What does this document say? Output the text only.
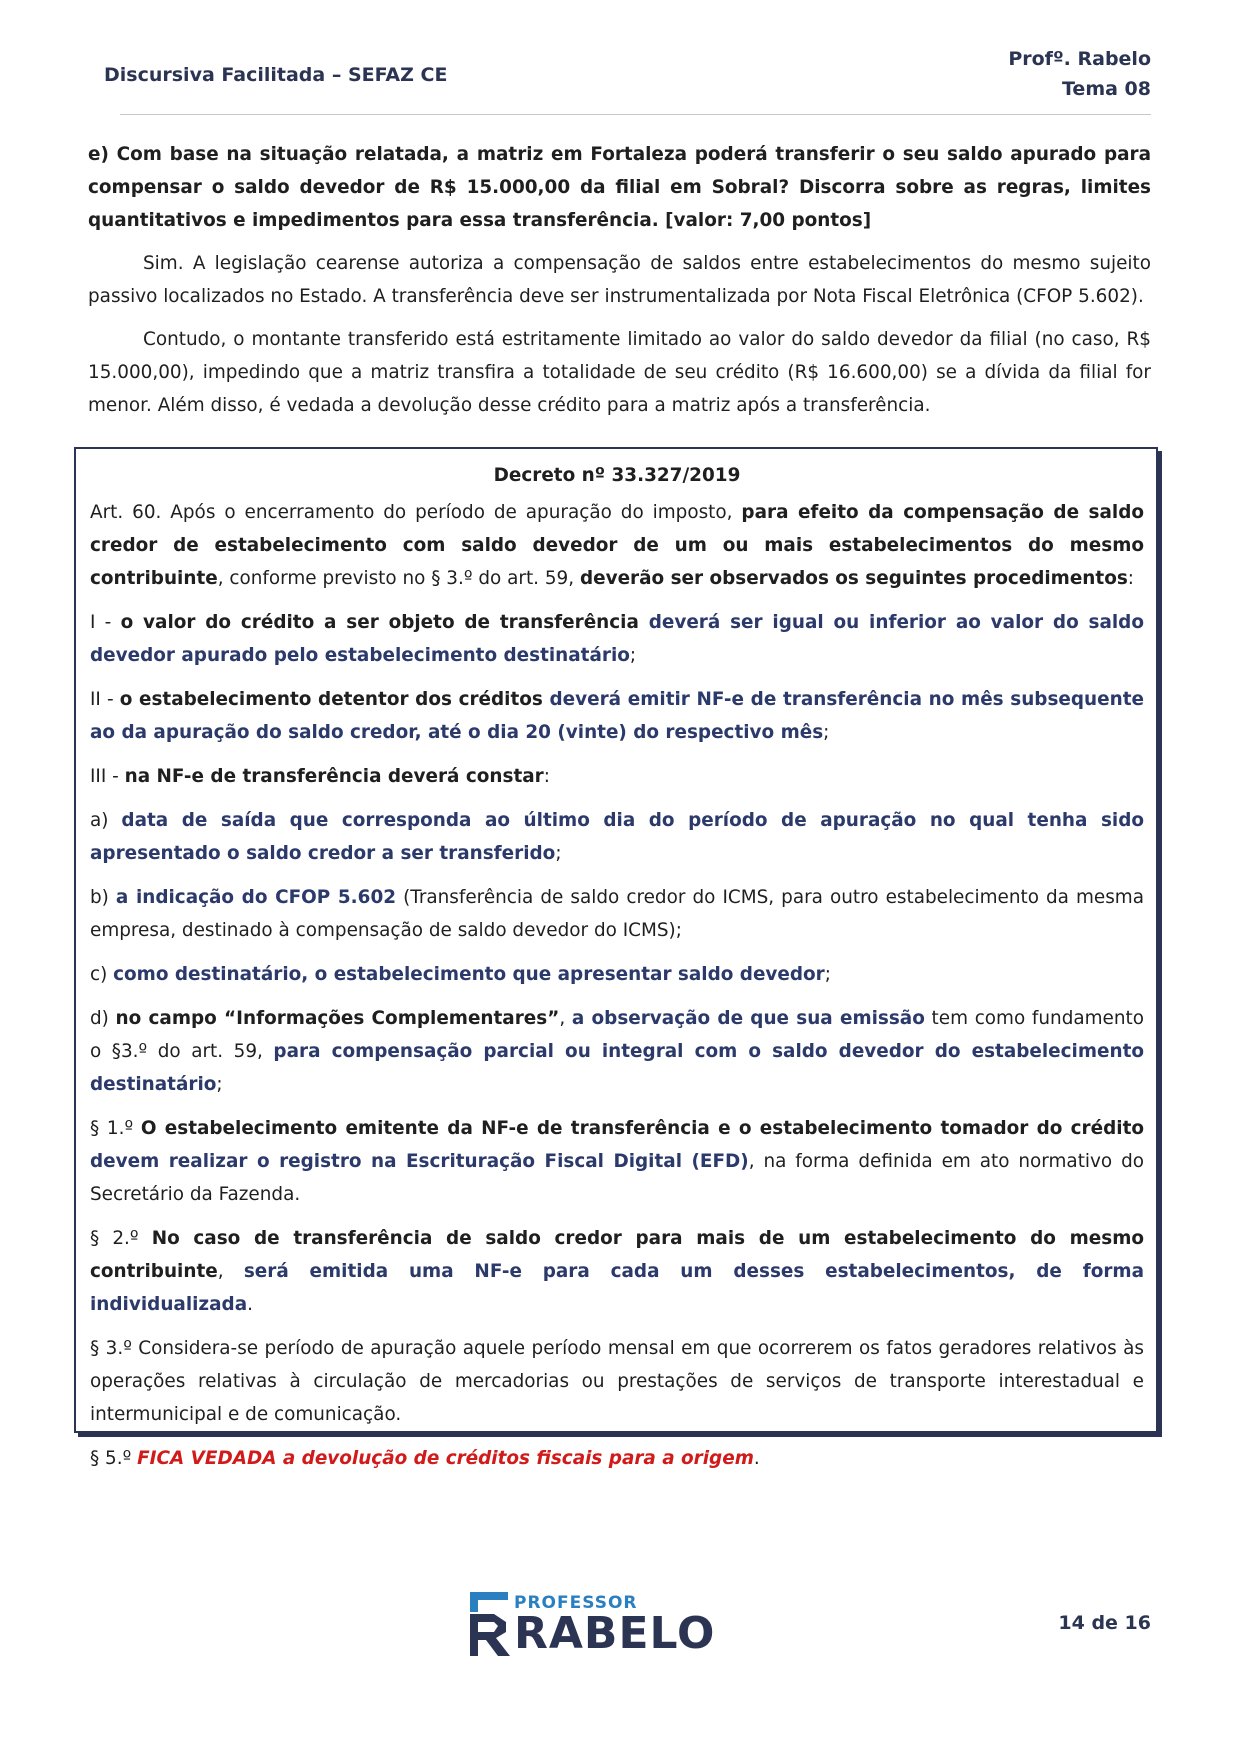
Discursiva Facilitada – SEFAZ CE
Profº. Rabelo
Tema 08

e) Com base na situação relatada, a matriz em Fortaleza poderá transferir o seu saldo apurado para compensar o saldo devedor de R$ 15.000,00 da filial em Sobral? Discorra sobre as regras, limites quantitativos e impedimentos para essa transferência. [valor: 7,00 pontos]

Sim. A legislação cearense autoriza a compensação de saldos entre estabelecimentos do mesmo sujeito passivo localizados no Estado. A transferência deve ser instrumentalizada por Nota Fiscal Eletrônica (CFOP 5.602).

Contudo, o montante transferido está estritamente limitado ao valor do saldo devedor da filial (no caso, R$ 15.000,00), impedindo que a matriz transfira a totalidade de seu crédito (R$ 16.600,00) se a dívida da filial for menor. Além disso, é vedada a devolução desse crédito para a matriz após a transferência.

Decreto nº 33.327/2019

Art. 60. Após o encerramento do período de apuração do imposto, para efeito da compensação de saldo credor de estabelecimento com saldo devedor de um ou mais estabelecimentos do mesmo contribuinte, conforme previsto no § 3.º do art. 59, deverão ser observados os seguintes procedimentos:

I - o valor do crédito a ser objeto de transferência deverá ser igual ou inferior ao valor do saldo devedor apurado pelo estabelecimento destinatário;

II - o estabelecimento detentor dos créditos deverá emitir NF-e de transferência no mês subsequente ao da apuração do saldo credor, até o dia 20 (vinte) do respectivo mês;

III - na NF-e de transferência deverá constar:

a) data de saída que corresponda ao último dia do período de apuração no qual tenha sido apresentado o saldo credor a ser transferido;

b) a indicação do CFOP 5.602 (Transferência de saldo credor do ICMS, para outro estabelecimento da mesma empresa, destinado à compensação de saldo devedor do ICMS);

c) como destinatário, o estabelecimento que apresentar saldo devedor;

d) no campo “Informações Complementares”, a observação de que sua emissão tem como fundamento o §3.º do art. 59, para compensação parcial ou integral com o saldo devedor do estabelecimento destinatário;

§ 1.º O estabelecimento emitente da NF-e de transferência e o estabelecimento tomador do crédito devem realizar o registro na Escrituração Fiscal Digital (EFD), na forma definida em ato normativo do Secretário da Fazenda.

§ 2.º No caso de transferência de saldo credor para mais de um estabelecimento do mesmo contribuinte, será emitida uma NF-e para cada um desses estabelecimentos, de forma individualizada.

§ 3.º Considera-se período de apuração aquele período mensal em que ocorrerem os fatos geradores relativos às operações relativas à circulação de mercadorias ou prestações de serviços de transporte interestadual e intermunicipal e de comunicação.

§ 5.º FICA VEDADA a devolução de créditos fiscais para a origem.

PROFESSOR
RABELO	14 de 16
